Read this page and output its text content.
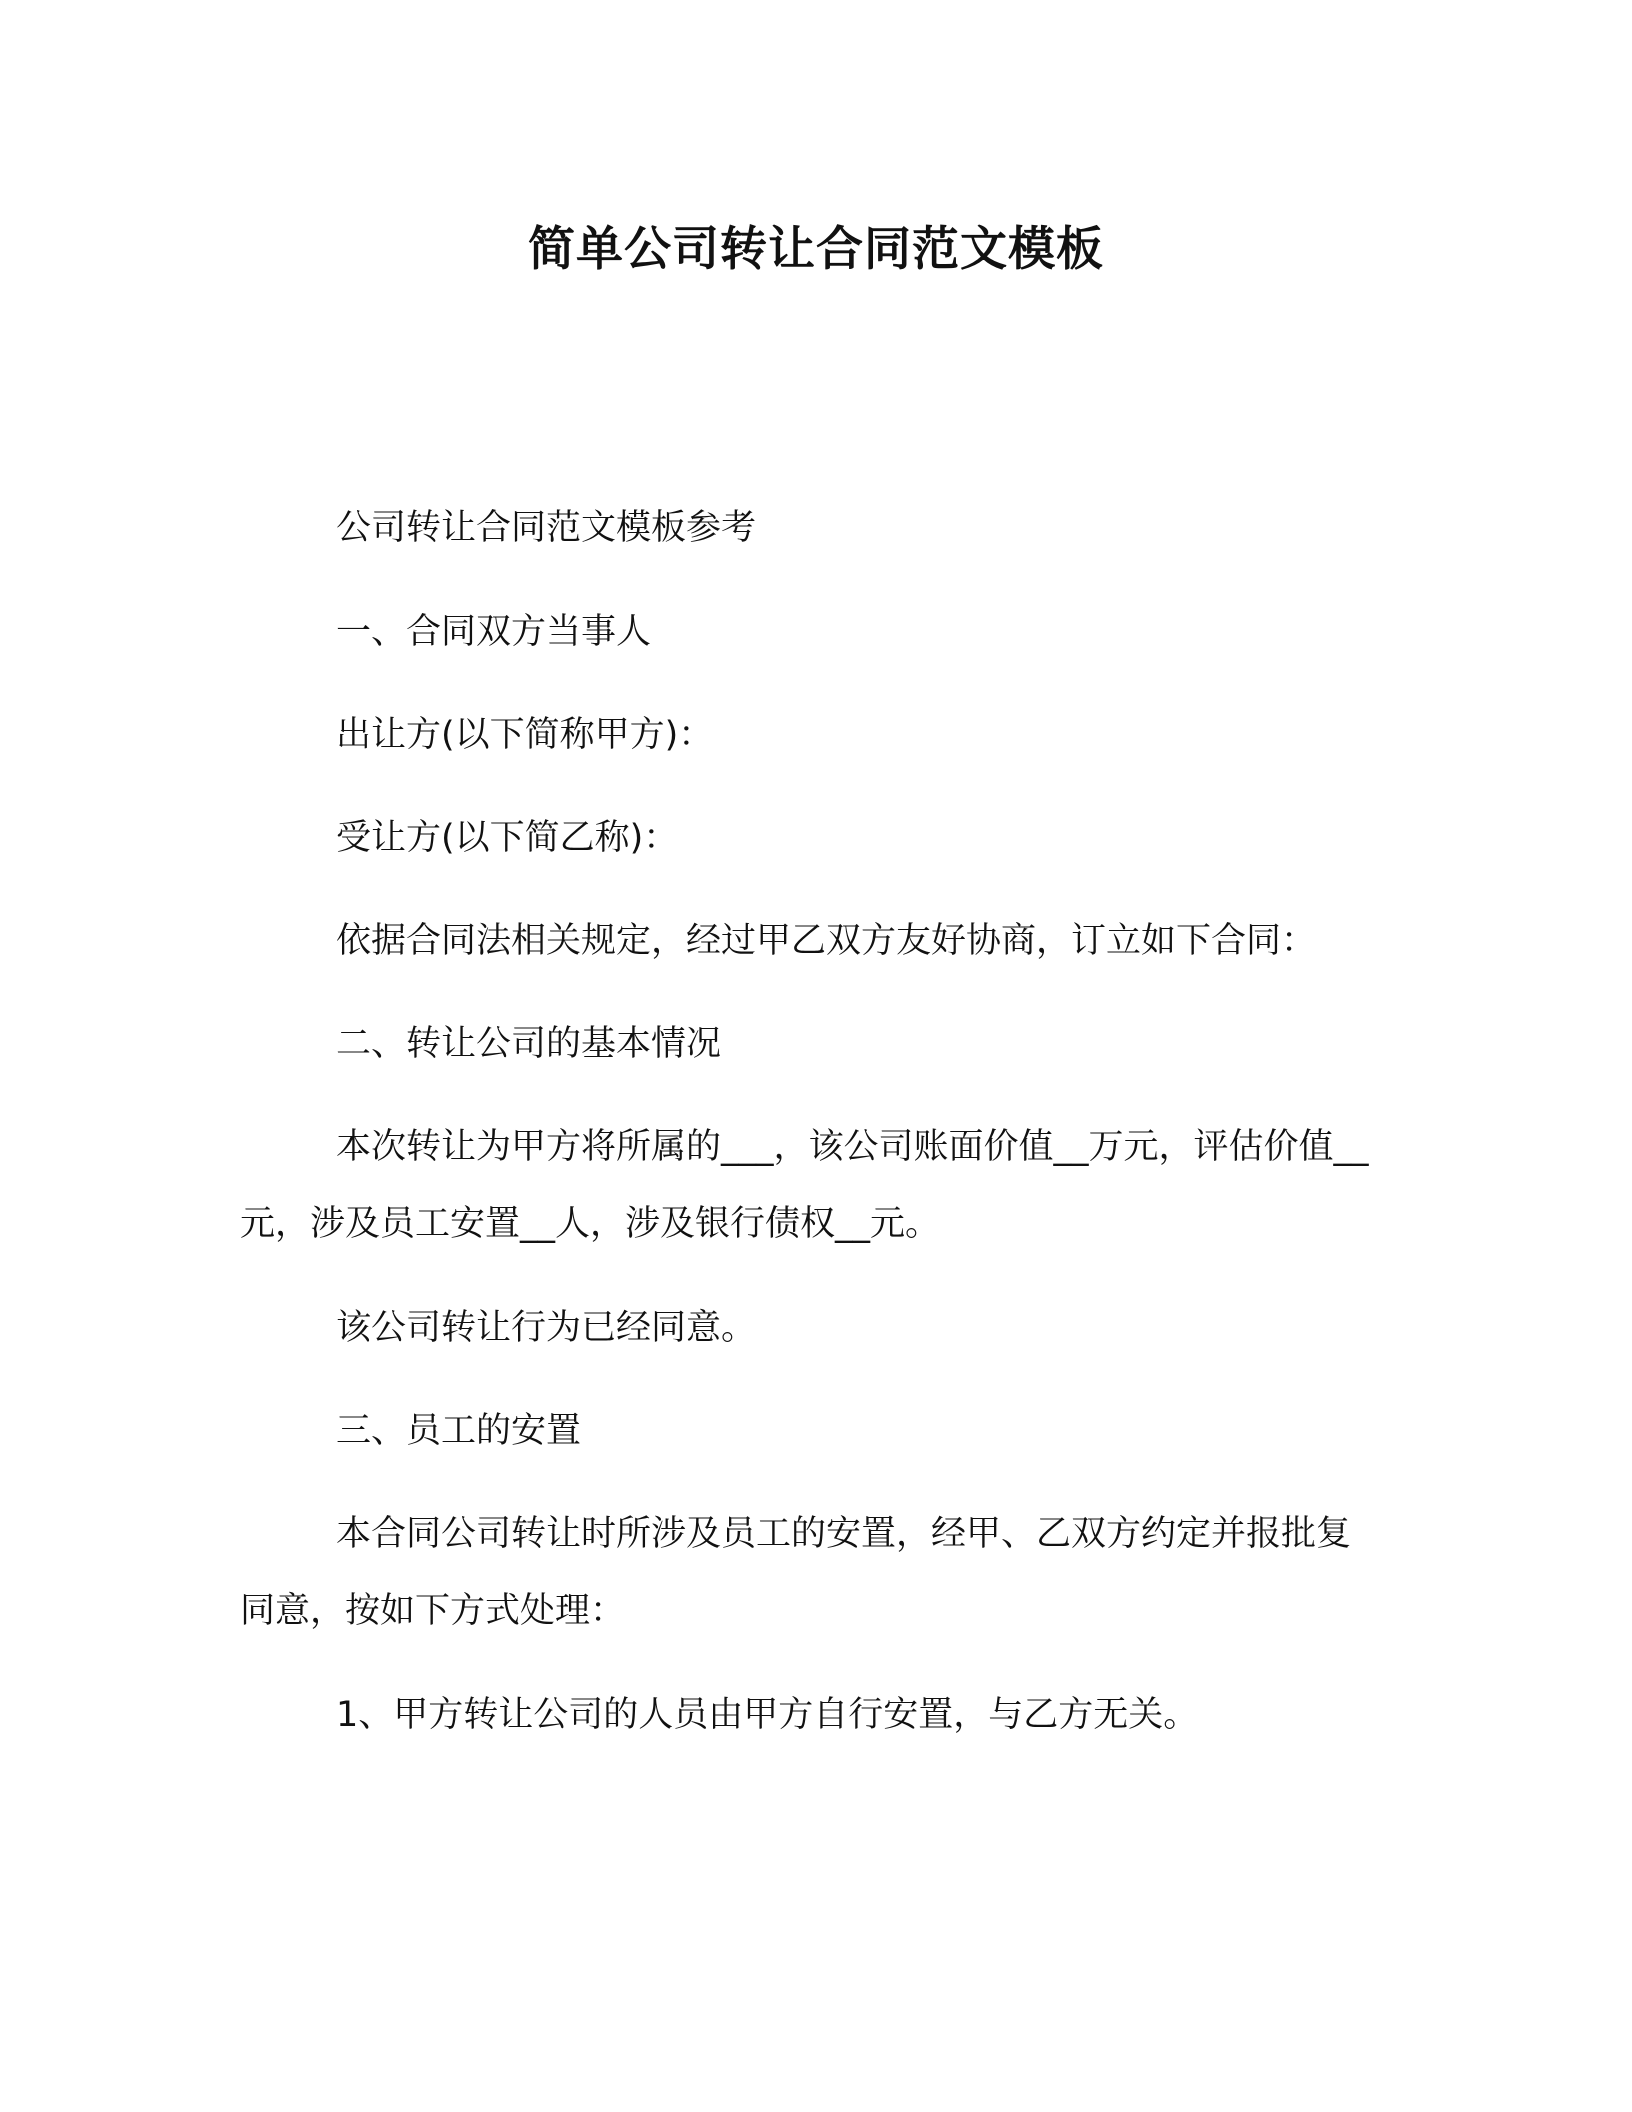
简单公司转让合同范文模板

公司转让合同范文模板参考

一、合同双方当事人

出让方(以下简称甲方)：

受让方(以下简乙称)：

依据合同法相关规定，经过甲乙双方友好协商，订立如下合同：

二、转让公司的基本情况

本次转让为甲方将所属的___，该公司账面价值__万元，评估价值__元，涉及员工安置__人，涉及银行债权__元。

该公司转让行为已经同意。

三、员工的安置

本合同公司转让时所涉及员工的安置，经甲、乙双方约定并报批复同意，按如下方式处理：

1、甲方转让公司的人员由甲方自行安置，与乙方无关。
